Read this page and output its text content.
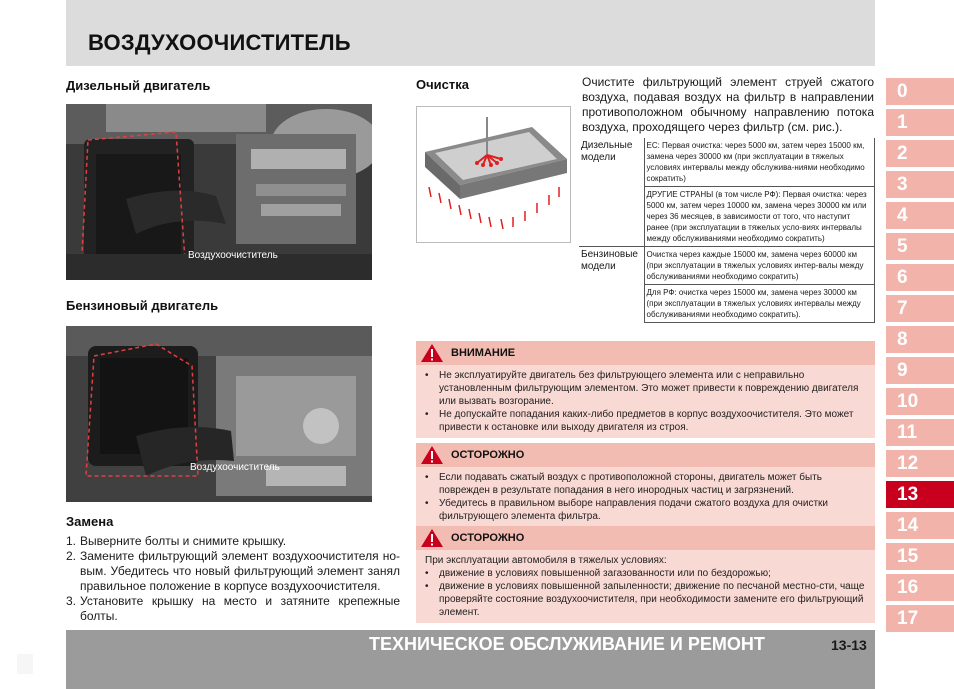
ВОЗДУХООЧИСТИТЕЛЬ
0
1
2
3
4
5
6
7
8
9
10
11
12
13
14
15
16
17
Дизельный двигатель
Воздухоочиститель
Бензиновый двигатель
Воздухоочиститель
Замена
1. Выверните болты и снимите крышку.
2. Замените фильтрующий элемент воздухоочистителя но-вым. Убедитесь что новый фильтрующий элемент занял правильное положение в корпусе воздухоочистителя.
3. Установите крышку на место и затяните крепежные болты.
Очистка	Очистите фильтрующий элемент струей сжатого воздуха, подавая воздух на фильтр в направлении противоположном обычному направлению потока воздуха, проходящего через фильтр (см. рис.).
Дизельные модели	ЕС: Первая очистка: через 5000 км, затем через 15000 км, замена через 30000 км (при эксплуатации в тяжелых условиях интервалы между обслужива-ниями необходимо сократить)
	ДРУГИЕ СТРАНЫ (в том числе РФ): Первая очистка: через 5000 км, затем через 10000 км, замена через 30000 км или через 36 месяцев, в зависимости от того, что наступит ранее (при эксплуатации в тяжелых усло-виях интервалы между обслуживаниями необходимо сократить)
Бензиновые модели	Очистка через каждые 15000 км, замена через 60000 км (при эксплуатации в тяжелых условиях интер-валы между обслуживаниями необходимо сократить)
	Для РФ: очистка через 15000 км, замена через 30000 км (при эксплуатации в тяжелых условиях интервалы между обслуживаниями необходимо сократить).
ВНИМАНИЕ
•	Не эксплуатируйте двигатель без фильтрующего элемента или с неправильно установленным фильтрующим элементом. Это может привести к повреждению двигателя или вызвать возгорание.
•	Не допускайте попадания каких-либо предметов в корпус воздухоочистителя. Это может привести к остановке или выходу двигателя из строя.
ОСТОРОЖНО
•	Если подавать сжатый воздух с противоположной стороны, двигатель может быть поврежден в результате попадания в него инородных частиц и загрязнений.
•	Убедитесь в правильном выборе направления подачи сжатого воздуха для очистки фильтрующего элемента фильтра.
ОСТОРОЖНО
При эксплуатации автомобиля в тяжелых условиях:
•	движение в условиях повышенной загазованности или по бездорожью;
•	движение в условиях повышенной запыленности; движение по песчаной местно-сти, чаще проверяйте состояние воздухоочистителя, при необходимости замените его фильтрующий элемент.
ТЕХНИЧЕСКОЕ ОБСЛУЖИВАНИЕ И РЕМОНТ	13-13
